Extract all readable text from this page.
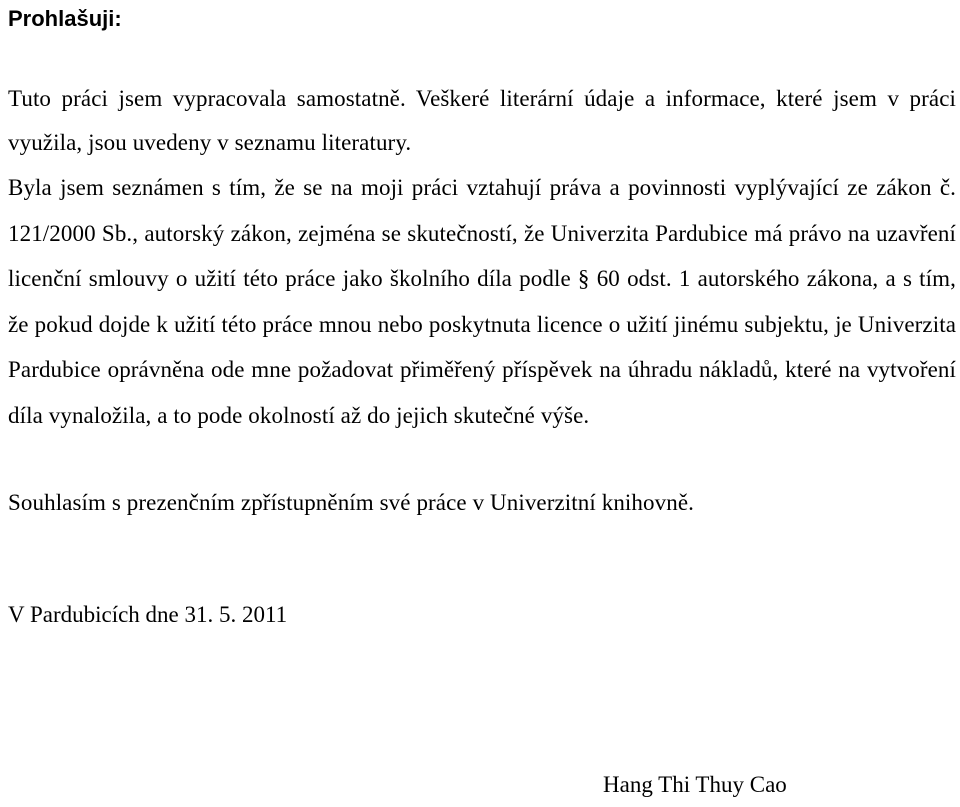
Prohlašuji:

Tuto práci jsem vypracovala samostatně. Veškeré literární údaje a informace, které jsem v práci využila, jsou uvedeny v seznamu literatury.

Byla jsem seznámen s tím, že se na moji práci vztahují práva a povinnosti vyplývající ze zákon č. 121/2000 Sb., autorský zákon, zejména se skutečností, že Univerzita Pardubice má právo na uzavření licenční smlouvy o užití této práce jako školního díla podle § 60 odst. 1 autorského zákona, a s tím, že pokud dojde k užití této práce mnou nebo poskytnuta licence o užití jinému subjektu, je Univerzita Pardubice oprávněna ode mne požadovat přiměřený příspěvek na úhradu nákladů, které na vytvoření díla vynaložila, a to pode okolností až do jejich skutečné výše.

Souhlasím s prezenčním zpřístupněním své práce v Univerzitní knihovně.

V Pardubicích dne 31. 5. 2011

Hang Thi Thuy Cao
